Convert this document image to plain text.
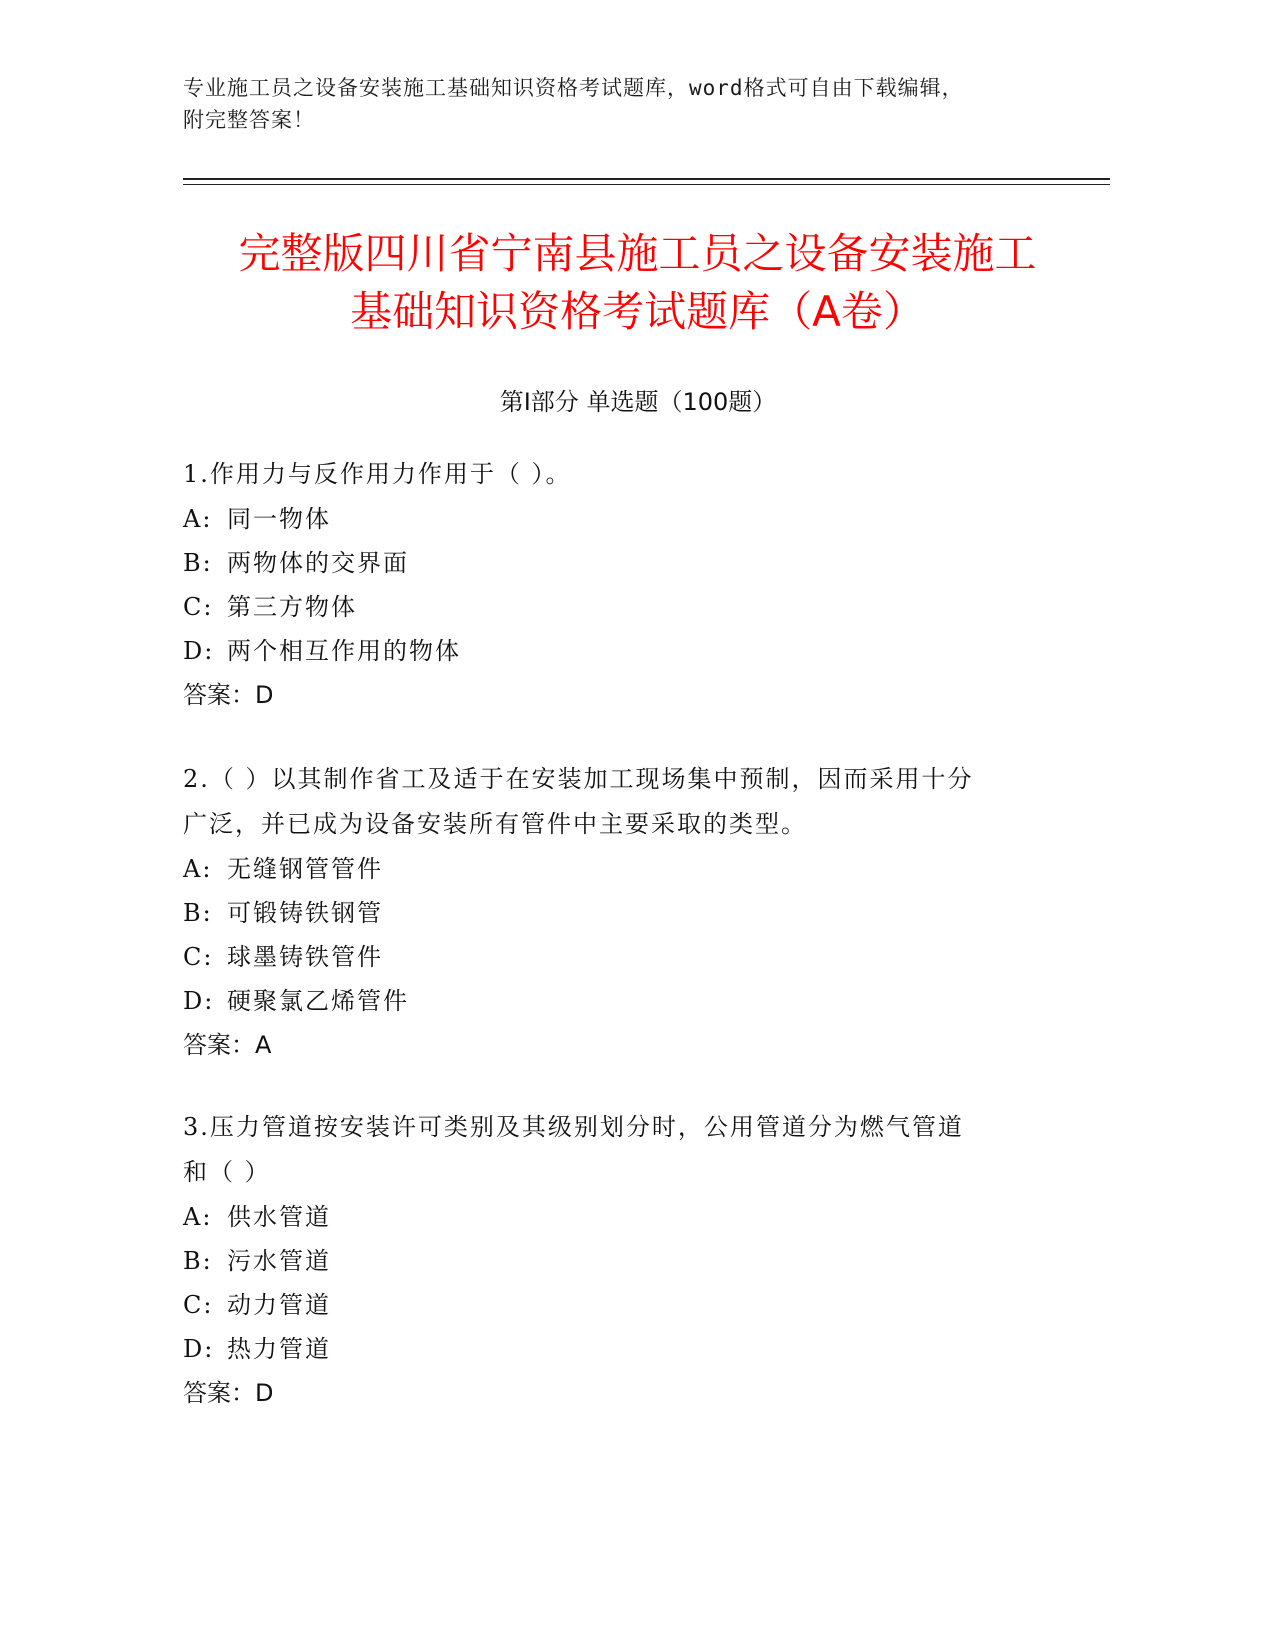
专业施工员之设备安装施工基础知识资格考试题库，word格式可自由下载编辑，
附完整答案！
完整版四川省宁南县施工员之设备安装施工
基础知识资格考试题库（A卷）
第Ⅰ部分 单选题（100题）
1.作用力与反作用力作用于（ ）。
A: 同一物体
B: 两物体的交界面
C: 第三方物体
D: 两个相互作用的物体
答案：D
2.（ ）以其制作省工及适于在安装加工现场集中预制，因而采用十分
广泛，并已成为设备安装所有管件中主要采取的类型。
A: 无缝钢管管件
B: 可锻铸铁钢管
C: 球墨铸铁管件
D: 硬聚氯乙烯管件
答案：A
3.压力管道按安装许可类别及其级别划分时，公用管道分为燃气管道
和（ ）
A: 供水管道
B: 污水管道
C: 动力管道
D: 热力管道
答案：D
